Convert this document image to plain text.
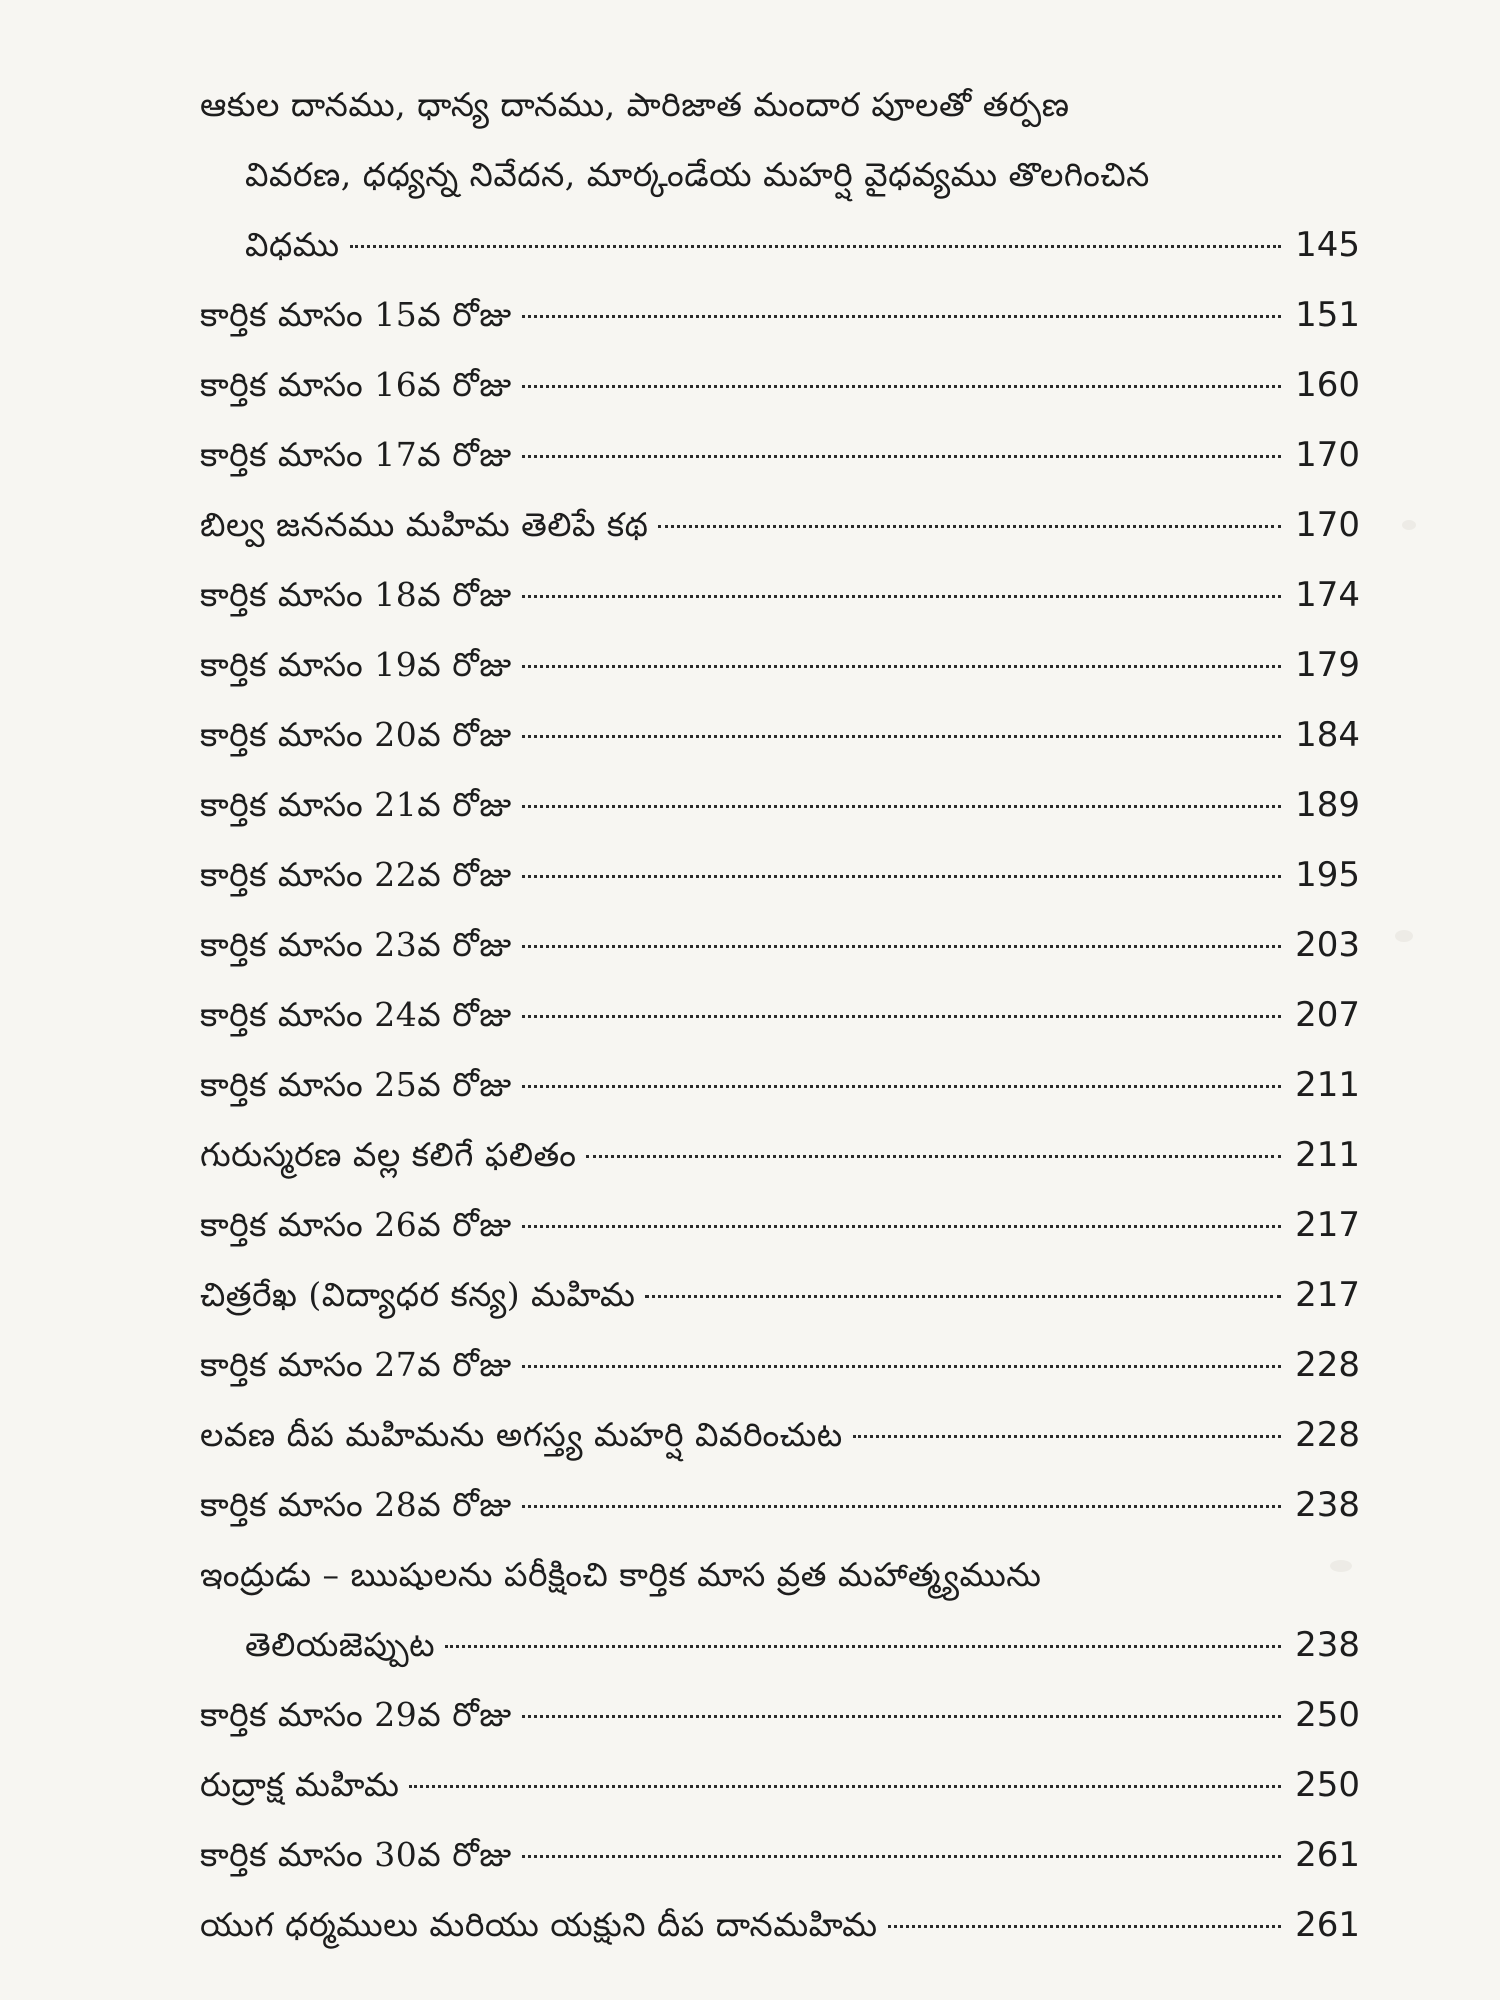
ఆకుల దానము, ధాన్య దానము, పారిజాత మందార పూలతో తర్పణ
వివరణ, ధధ్యన్న నివేదన, మార్కండేయ మహర్షి వైధవ్యము తొలగించిన
విధము	145
కార్తిక మాసం 15వ రోజు	151
కార్తిక మాసం 16వ రోజు	160
కార్తిక మాసం 17వ రోజు	170
బిల్వ జననము మహిమ తెలిపే కథ	170
కార్తిక మాసం 18వ రోజు	174
కార్తిక మాసం 19వ రోజు	179
కార్తిక మాసం 20వ రోజు	184
కార్తిక మాసం 21వ రోజు	189
కార్తిక మాసం 22వ రోజు	195
కార్తిక మాసం 23వ రోజు	203
కార్తిక మాసం 24వ రోజు	207
కార్తిక మాసం 25వ రోజు	211
గురుస్మరణ వల్ల కలిగే ఫలితం	211
కార్తిక మాసం 26వ రోజు	217
చిత్రరేఖ (విద్యాధర కన్య) మహిమ	217
కార్తిక మాసం 27వ రోజు	228
లవణ దీప మహిమను అగస్త్య మహర్షి వివరించుట	228
కార్తిక మాసం 28వ రోజు	238
ఇంద్రుడు – ఋషులను పరీక్షించి కార్తిక మాస వ్రత మహాత్మ్యమును
తెలియజెప్పుట	238
కార్తిక మాసం 29వ రోజు	250
రుద్రాక్ష మహిమ	250
కార్తిక మాసం 30వ రోజు	261
యుగ ధర్మములు మరియు యక్షుని దీప దానమహిమ	261
